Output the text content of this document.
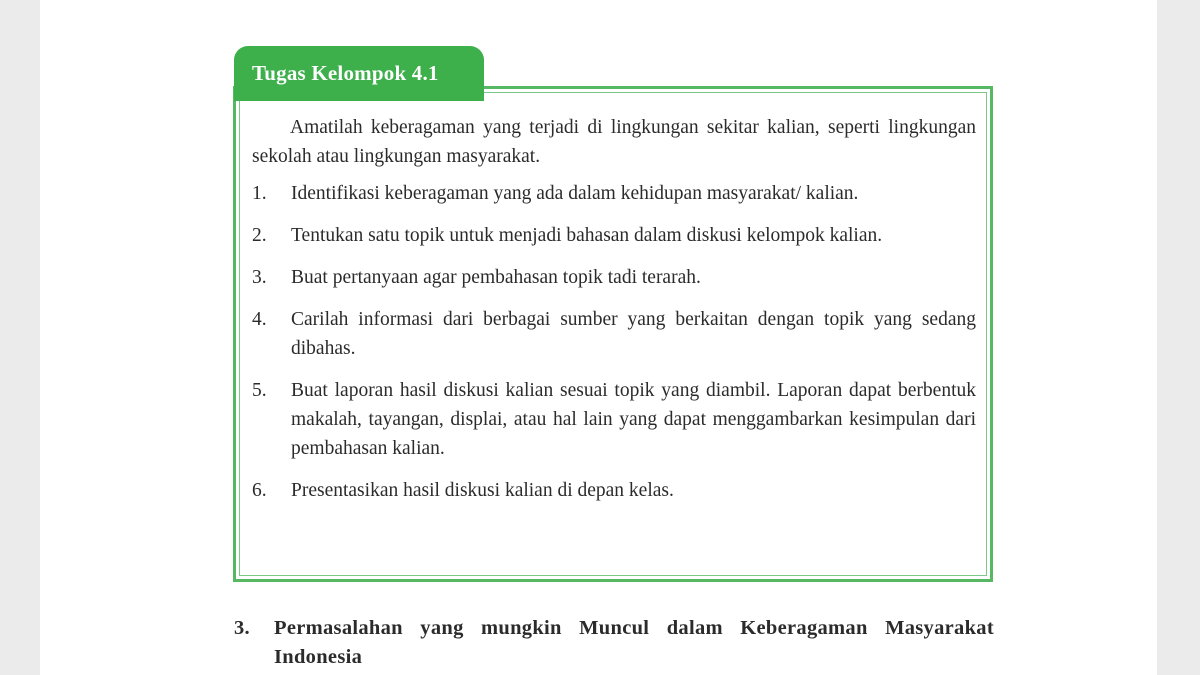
Tugas Kelompok 4.1

Amatilah keberagaman yang terjadi di lingkungan sekitar kalian, seperti lingkungan sekolah atau lingkungan masyarakat.

1. Identifikasi keberagaman yang ada dalam kehidupan masyarakat/ kalian.
2. Tentukan satu topik untuk menjadi bahasan dalam diskusi kelompok kalian.
3. Buat pertanyaan agar pembahasan topik tadi terarah.
4. Carilah informasi dari berbagai sumber yang berkaitan dengan topik yang sedang dibahas.
5. Buat laporan hasil diskusi kalian sesuai topik yang diambil. Laporan dapat berbentuk makalah, tayangan, displai, atau hal lain yang dapat menggambarkan kesimpulan dari pembahasan kalian.
6. Presentasikan hasil diskusi kalian di depan kelas.
3.	Permasalahan yang mungkin Muncul dalam Keberagaman Masyarakat Indonesia
